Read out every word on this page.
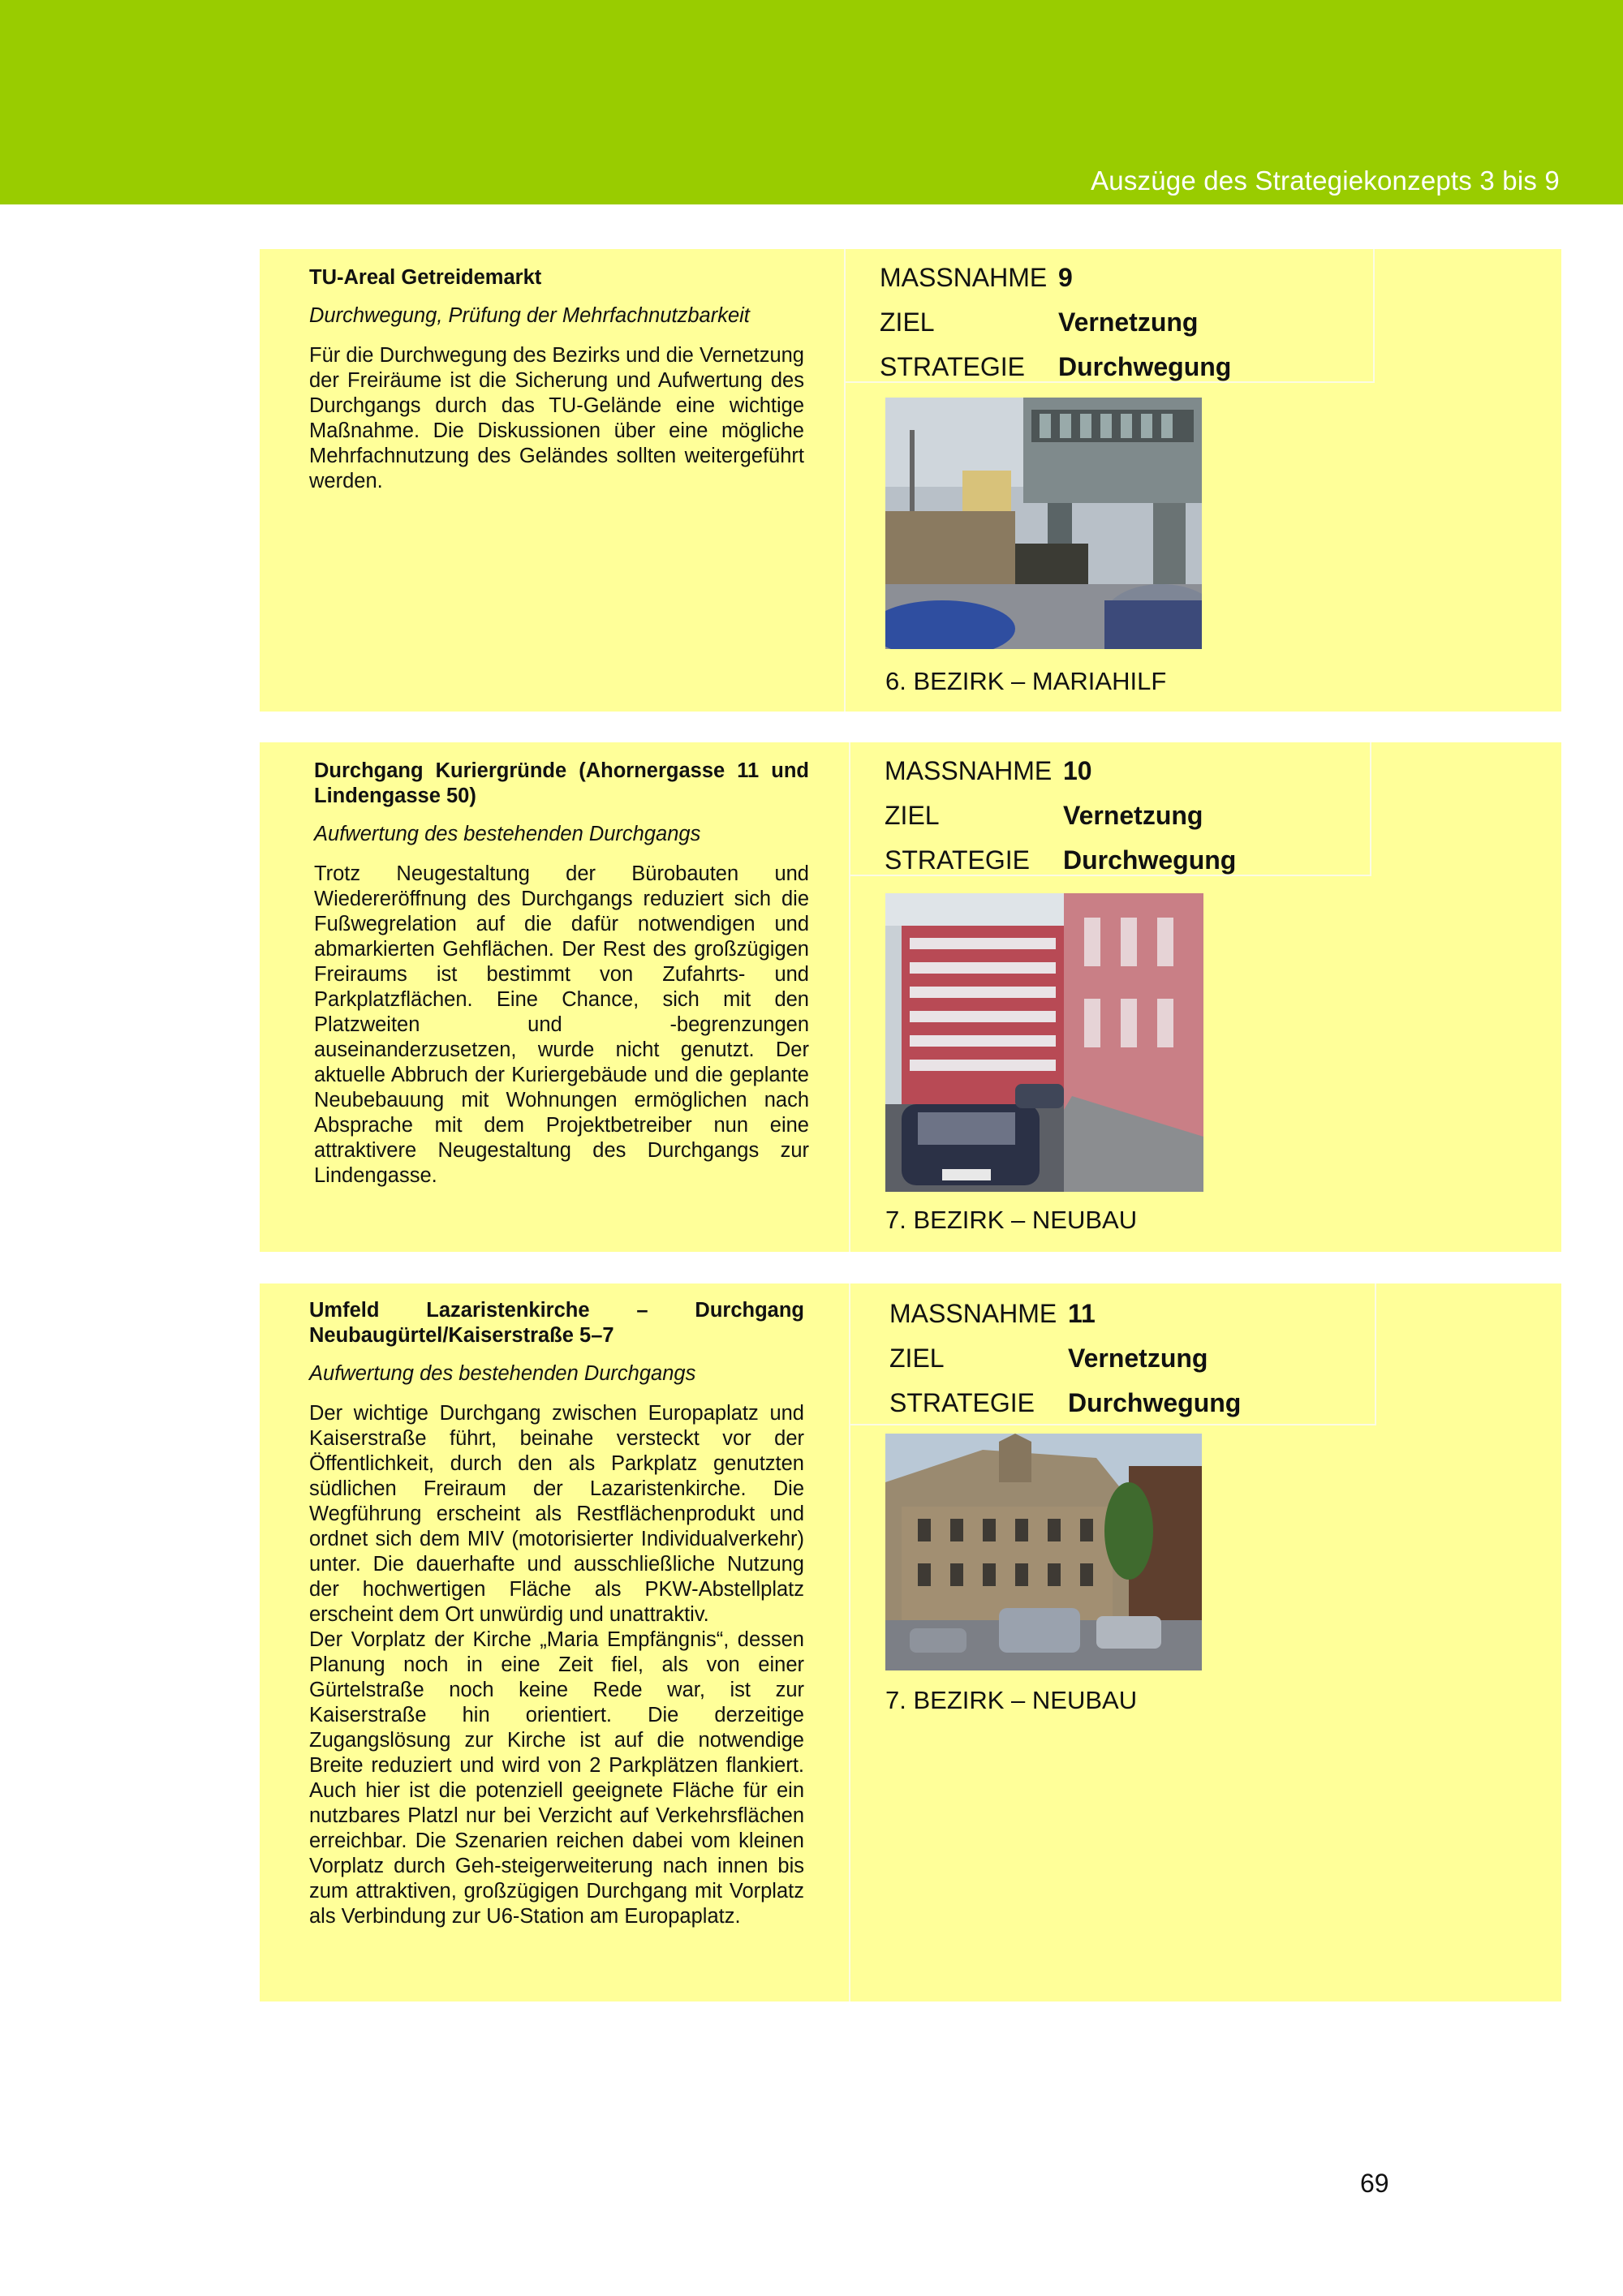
Auszüge des Strategiekonzepts 3 bis 9

TU-Areal Getreidemarkt

Durchwegung, Prüfung der Mehrfachnutzbarkeit

Für die Durchwegung des Bezirks und die Vernetzung der Freiräume ist die Sicherung und Aufwertung des Durchgangs durch das TU-Gelände eine wichtige Maßnahme. Die Diskussionen über eine mögliche Mehrfachnutzung des Geländes sollten weitergeführt werden.

MASSNAHME 9
ZIEL	Vernetzung
STRATEGIE	Durchwegung
6. BEZIRK – MARIAHILF

Durchgang Kuriergründe (Ahornergasse 11 und Lindengasse 50)

Aufwertung des bestehenden Durchgangs

Trotz Neugestaltung der Bürobauten und Wiedereröffnung des Durchgangs reduziert sich die Fußwegrelation auf die dafür notwendigen und abmarkierten Gehflächen. Der Rest des großzügigen Freiraums ist bestimmt von Zufahrts- und Parkplatzflächen. Eine Chance, sich mit den Platzweiten und -begrenzungen auseinanderzusetzen, wurde nicht genutzt. Der aktuelle Abbruch der Kuriergebäude und die geplante Neubebauung mit Wohnungen ermöglichen nach Absprache mit dem Projektbetreiber nun eine attraktivere Neugestaltung des Durchgangs zur Lindengasse.

MASSNAHME 10
ZIEL	Vernetzung
STRATEGIE	Durchwegung
7. BEZIRK – NEUBAU

Umfeld Lazaristenkirche – Durchgang Neubaugürtel/Kaiserstraße 5–7

Aufwertung des bestehenden Durchgangs

Der wichtige Durchgang zwischen Europaplatz und Kaiserstraße führt, beinahe versteckt vor der Öffentlichkeit, durch den als Parkplatz genutzten südlichen Freiraum der Lazaristenkirche. Die Wegführung erscheint als Restflächenprodukt und ordnet sich dem MIV (motorisierter Individualverkehr) unter. Die dauerhafte und ausschließliche Nutzung der hochwertigen Fläche als PKW-Abstellplatz erscheint dem Ort unwürdig und unattraktiv.

Der Vorplatz der Kirche „Maria Empfängnis“, dessen Planung noch in eine Zeit fiel, als von einer Gürtelstraße noch keine Rede war, ist zur Kaiserstraße hin orientiert. Die derzeitige Zugangslösung zur Kirche ist auf die notwendige Breite reduziert und wird von 2 Parkplätzen flankiert. Auch hier ist die potenziell geeignete Fläche für ein nutzbares Platzl nur bei Verzicht auf Verkehrsflächen erreichbar. Die Szenarien reichen dabei vom kleinen Vorplatz durch Geh-steigerweiterung nach innen bis zum attraktiven, großzügigen Durchgang mit Vorplatz als Verbindung zur U6-Station am Europaplatz.

MASSNAHME 11
ZIEL	Vernetzung
STRATEGIE	Durchwegung
7. BEZIRK – NEUBAU
69
